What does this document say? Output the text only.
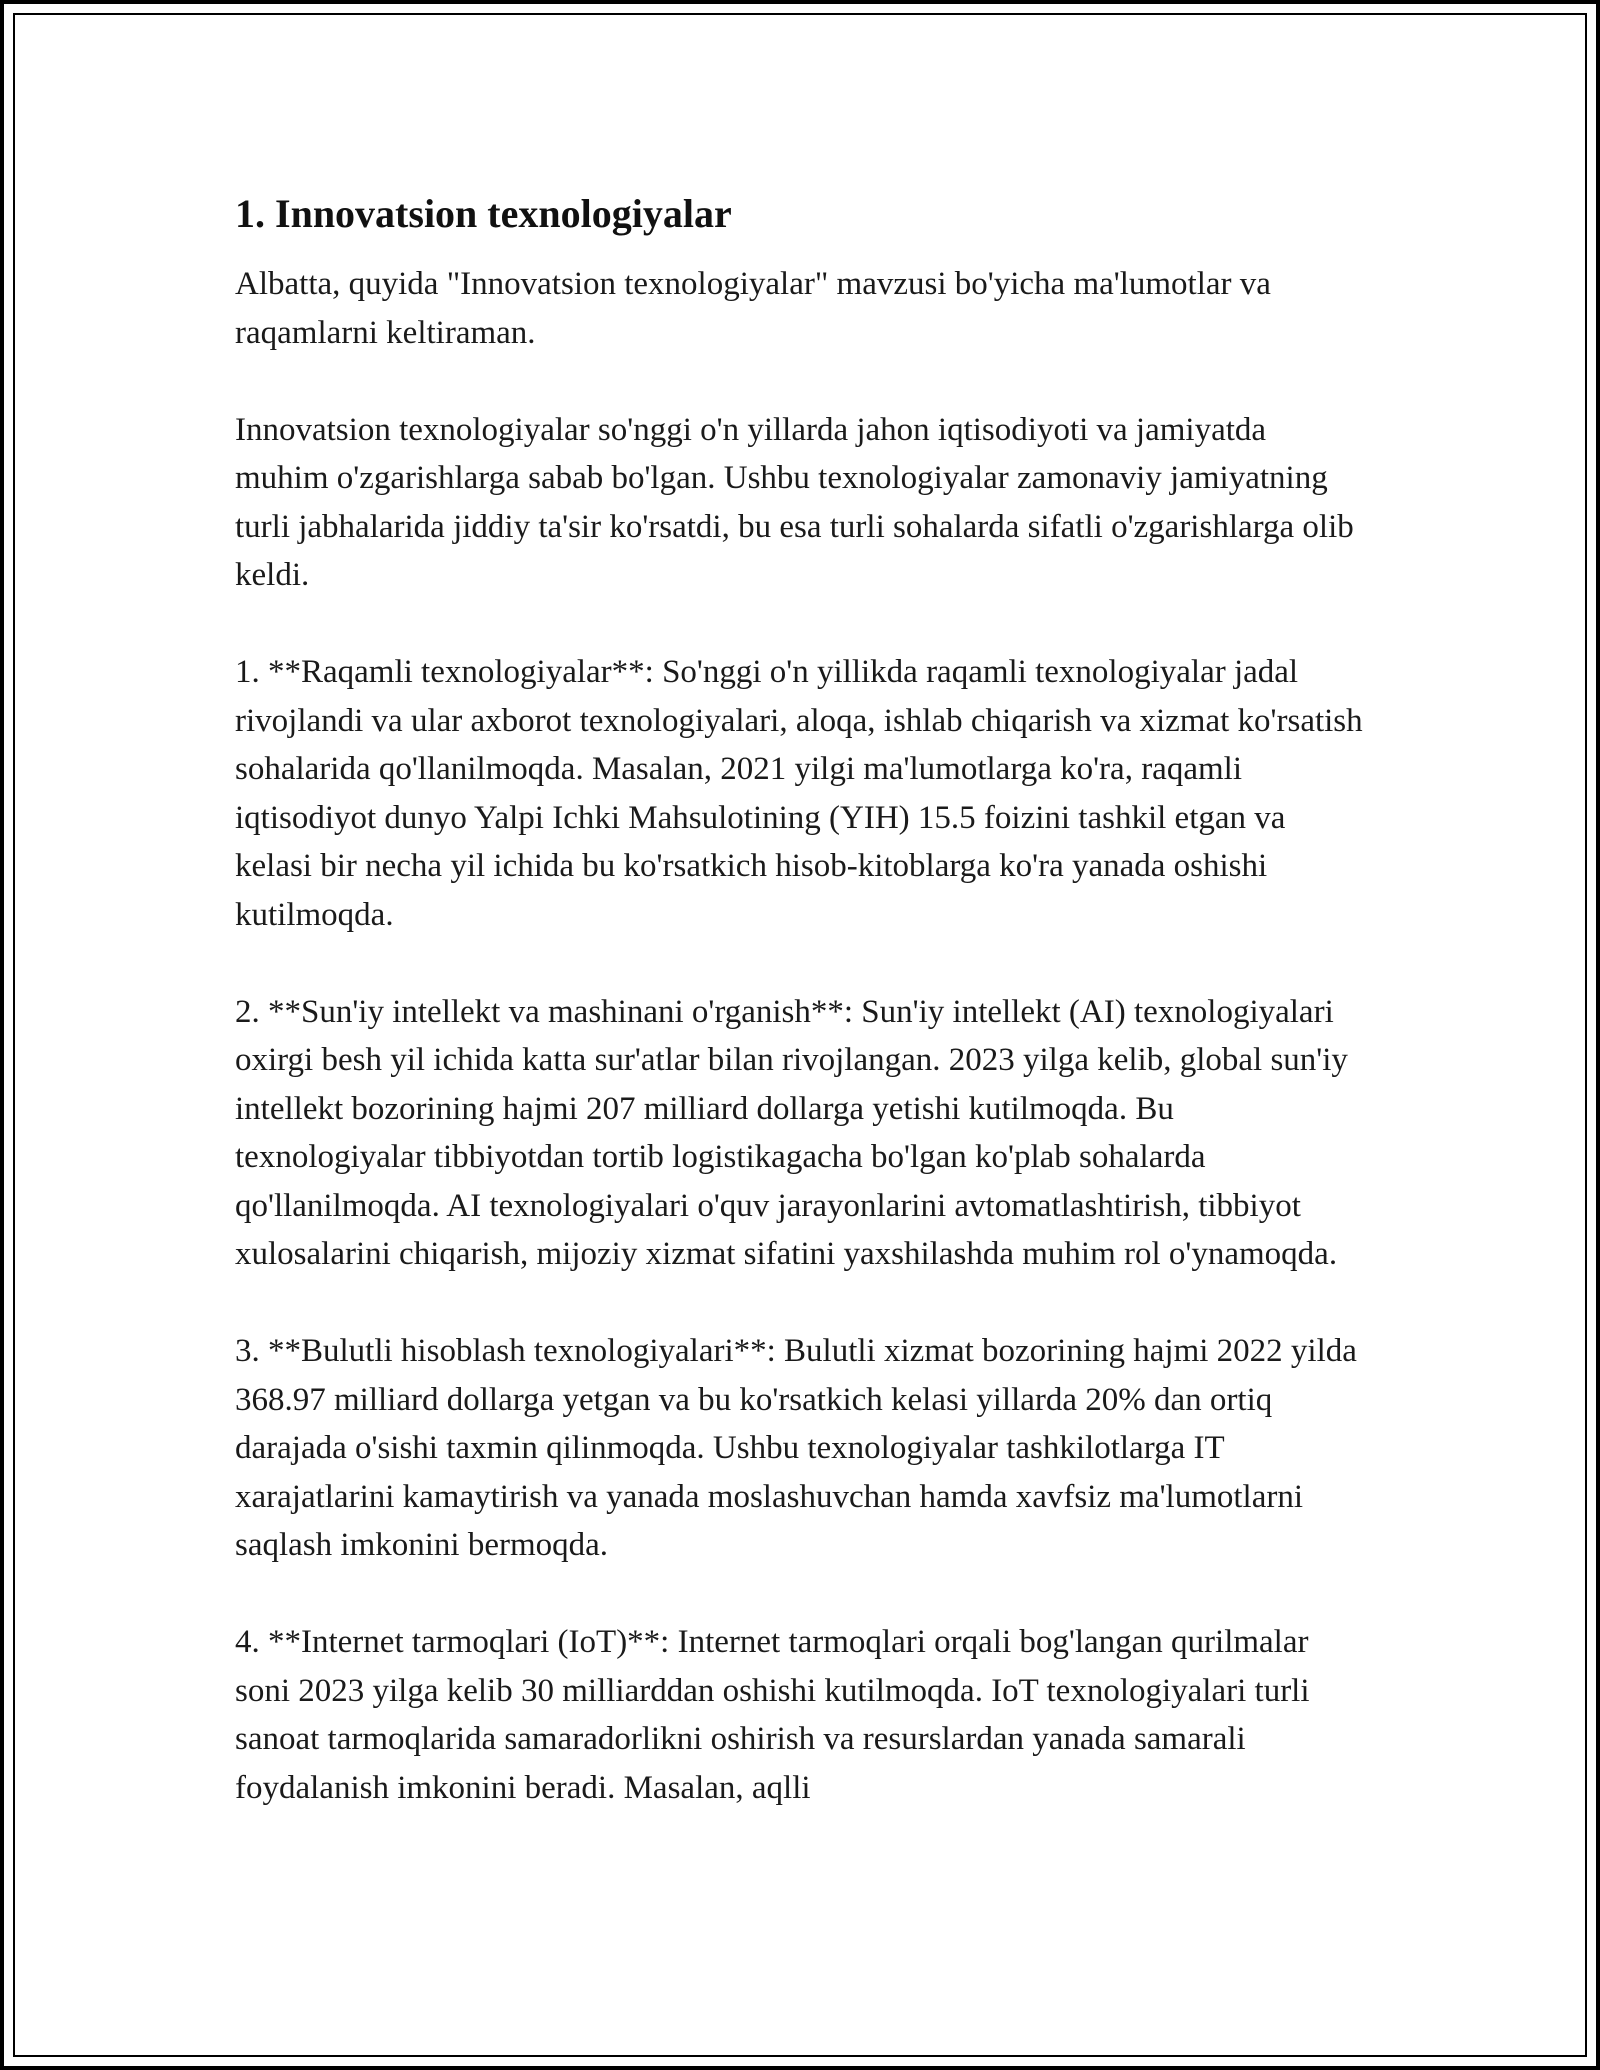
1. Innovatsion texnologiyalar

Albatta, quyida "Innovatsion texnologiyalar" mavzusi bo'yicha ma'lumotlar va raqamlarni keltiraman.

Innovatsion texnologiyalar so'nggi o'n yillarda jahon iqtisodiyoti va jamiyatda muhim o'zgarishlarga sabab bo'lgan. Ushbu texnologiyalar zamonaviy jamiyatning turli jabhalarida jiddiy ta'sir ko'rsatdi, bu esa turli sohalarda sifatli o'zgarishlarga olib keldi.

1. **Raqamli texnologiyalar**: So'nggi o'n yillikda raqamli texnologiyalar jadal rivojlandi va ular axborot texnologiyalari, aloqa, ishlab chiqarish va xizmat ko'rsatish sohalarida qo'llanilmoqda. Masalan, 2021 yilgi ma'lumotlarga ko'ra, raqamli iqtisodiyot dunyo Yalpi Ichki Mahsulotining (YIH) 15.5 foizini tashkil etgan va kelasi bir necha yil ichida bu ko'rsatkich hisob-kitoblarga ko'ra yanada oshishi kutilmoqda.

2. **Sun'iy intellekt va mashinani o'rganish**: Sun'iy intellekt (AI) texnologiyalari oxirgi besh yil ichida katta sur'atlar bilan rivojlangan. 2023 yilga kelib, global sun'iy intellekt bozorining hajmi 207 milliard dollarga yetishi kutilmoqda. Bu texnologiyalar tibbiyotdan tortib logistikagacha bo'lgan ko'plab sohalarda qo'llanilmoqda. AI texnologiyalari o'quv jarayonlarini avtomatlashtirish, tibbiyot xulosalarini chiqarish, mijoziy xizmat sifatini yaxshilashda muhim rol o'ynamoqda.

3. **Bulutli hisoblash texnologiyalari**: Bulutli xizmat bozorining hajmi 2022 yilda 368.97 milliard dollarga yetgan va bu ko'rsatkich kelasi yillarda 20% dan ortiq darajada o'sishi taxmin qilinmoqda. Ushbu texnologiyalar tashkilotlarga IT xarajatlarini kamaytirish va yanada moslashuvchan hamda xavfsiz ma'lumotlarni saqlash imkonini bermoqda.

4. **Internet tarmoqlari (IoT)**: Internet tarmoqlari orqali bog'langan qurilmalar soni 2023 yilga kelib 30 milliarddan oshishi kutilmoqda. IoT texnologiyalari turli sanoat tarmoqlarida samaradorlikni oshirish va resurslardan yanada samarali foydalanish imkonini beradi. Masalan, aqlli
